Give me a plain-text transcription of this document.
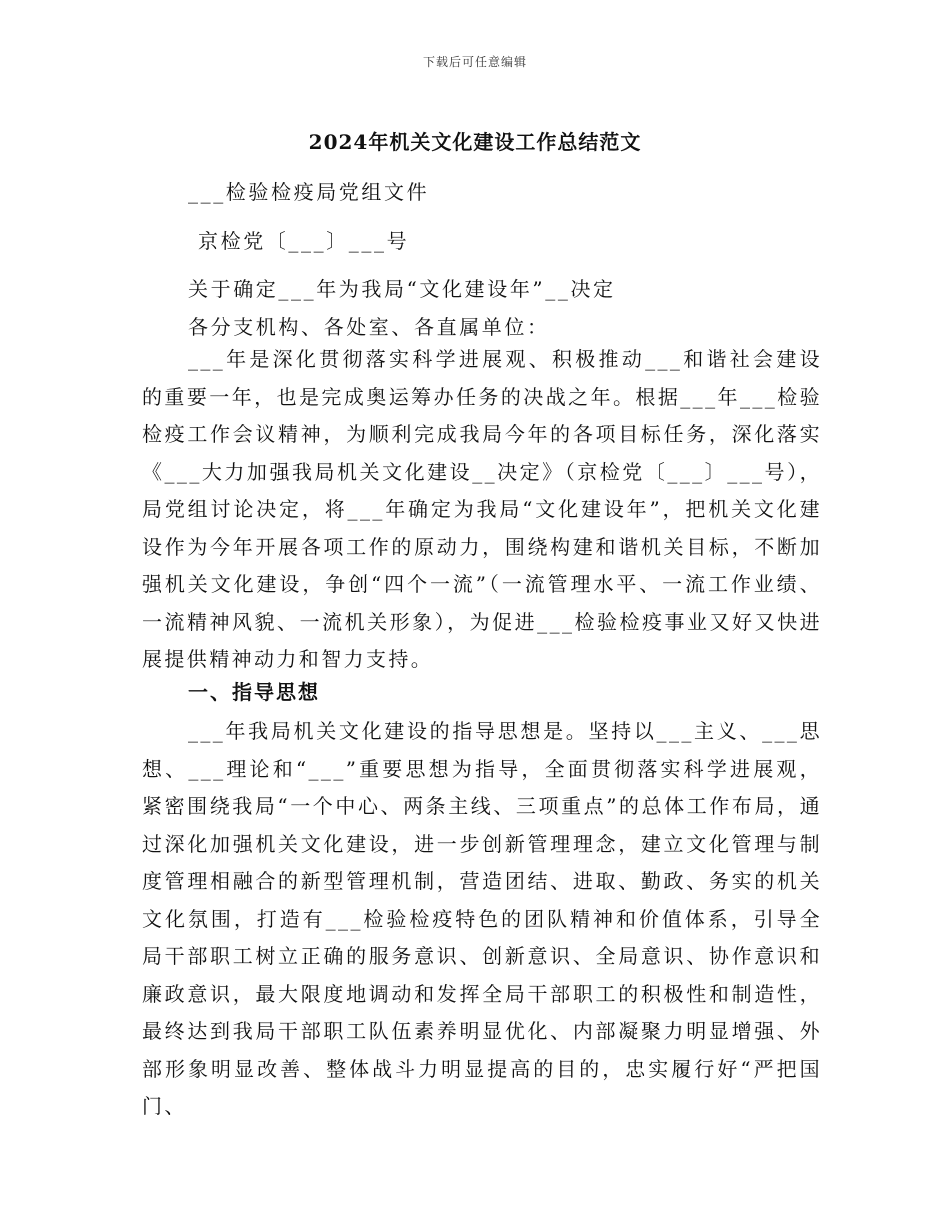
下载后可任意编辑
2024年机关文化建设工作总结范文
___检验检疫局党组文件
京检党〔___〕___号
关于确定___年为我局“文化建设年”__决定
各分支机构、各处室、各直属单位：
___年是深化贯彻落实科学进展观、积极推动___和谐社会建设的重要一年，也是完成奥运筹办任务的决战之年。根据___年___检验检疫工作会议精神，为顺利完成我局今年的各项目标任务，深化落实《___大力加强我局机关文化建设__决定》（京检党〔___〕___号），局党组讨论决定，将___年确定为我局“文化建设年”，把机关文化建设作为今年开展各项工作的原动力，围绕构建和谐机关目标，不断加强机关文化建设，争创“四个一流”（一流管理水平、一流工作业绩、一流精神风貌、一流机关形象），为促进___检验检疫事业又好又快进展提供精神动力和智力支持。
一、指导思想
___年我局机关文化建设的指导思想是。坚持以___主义、___思想、___理论和“___”重要思想为指导，全面贯彻落实科学进展观，紧密围绕我局“一个中心、两条主线、三项重点”的总体工作布局，通过深化加强机关文化建设，进一步创新管理理念，建立文化管理与制度管理相融合的新型管理机制，营造团结、进取、勤政、务实的机关文化氛围，打造有___检验检疫特色的团队精神和价值体系，引导全局干部职工树立正确的服务意识、创新意识、全局意识、协作意识和廉政意识，最大限度地调动和发挥全局干部职工的积极性和制造性，最终达到我局干部职工队伍素养明显优化、内部凝聚力明显增强、外部形象明显改善、整体战斗力明显提高的目的，忠实履行好“严把国门、
